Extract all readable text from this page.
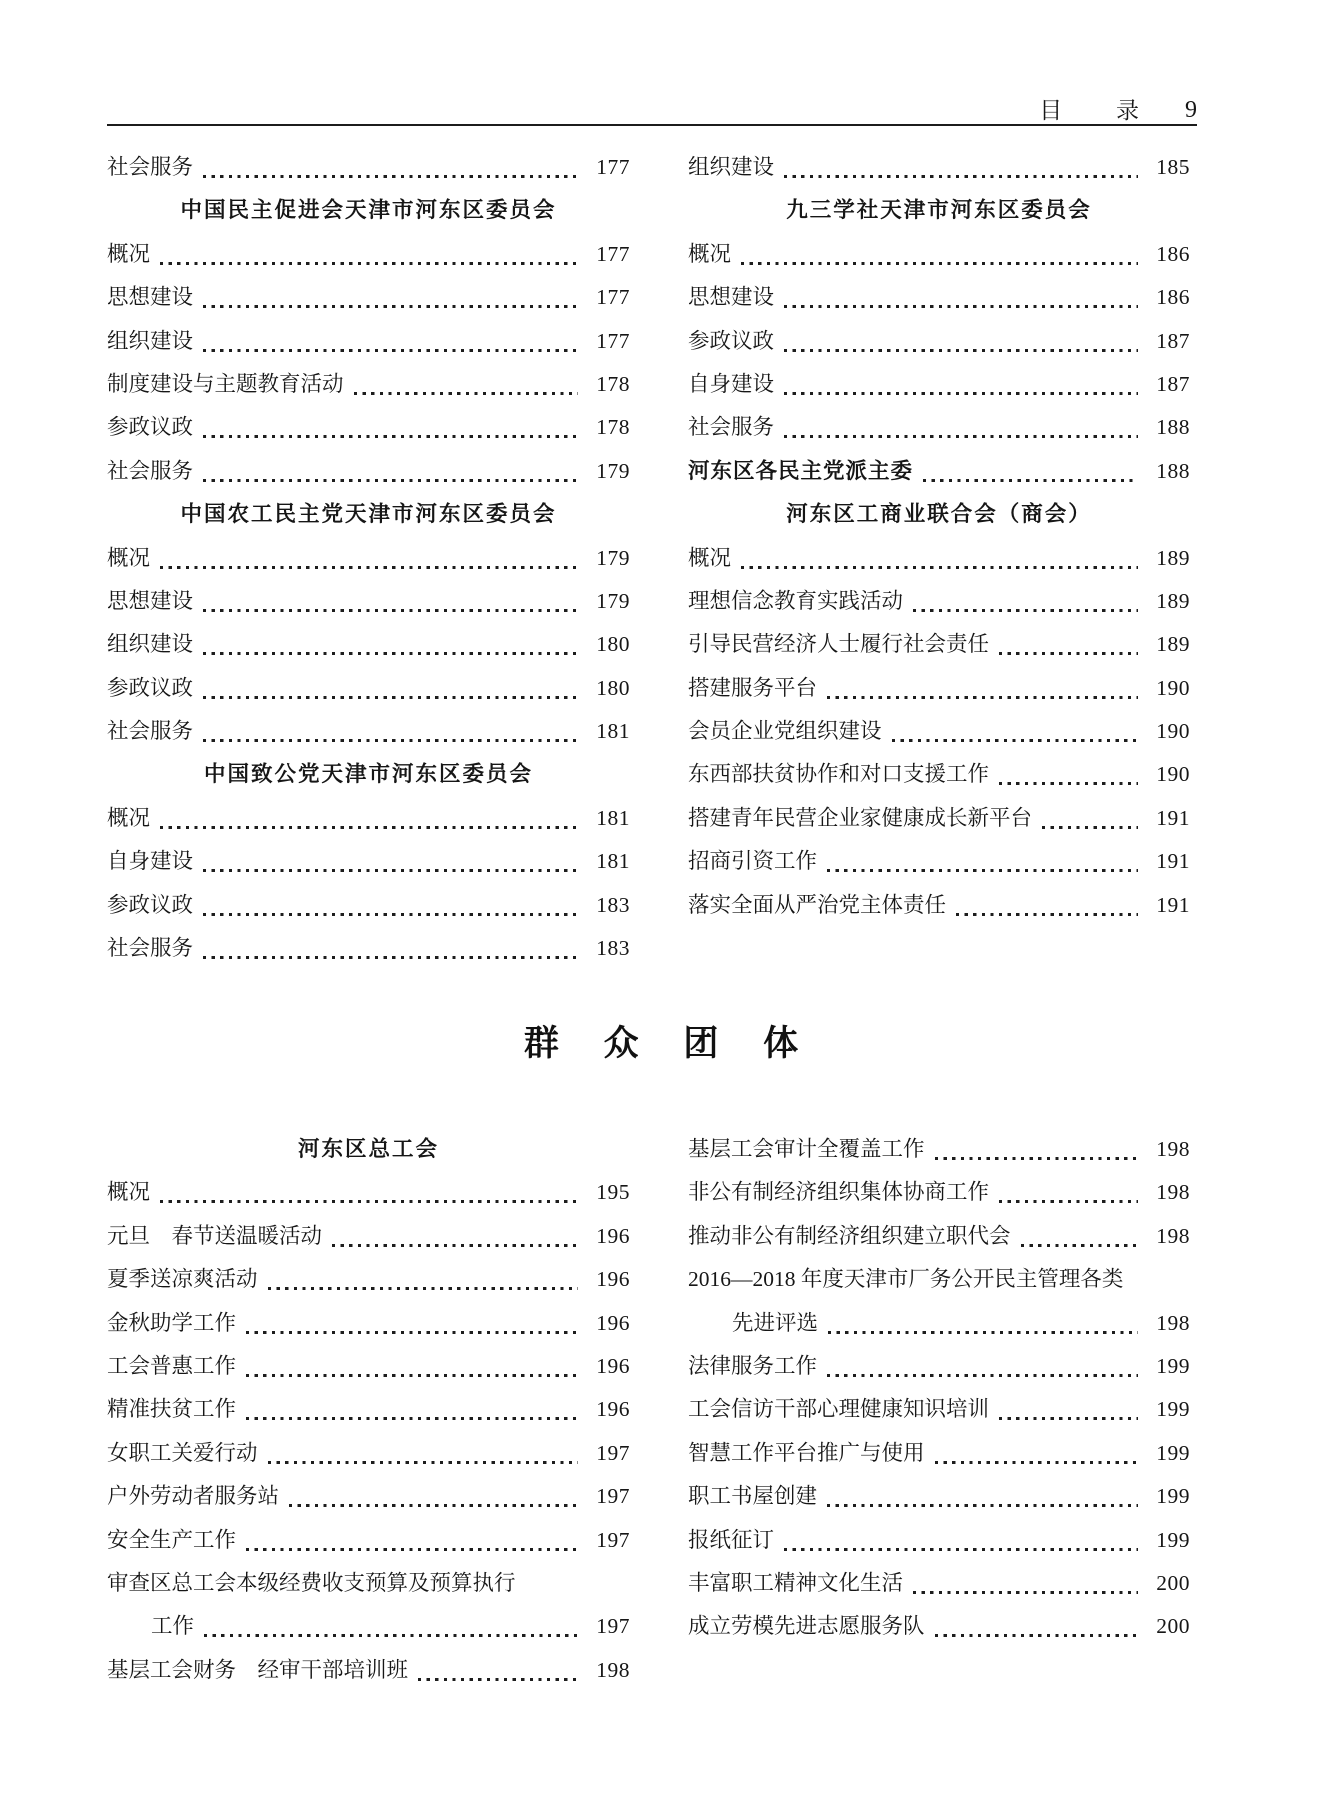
目 录 9
社会服务	177
中国民主促进会天津市河东区委员会
概况	177
思想建设	177
组织建设	177
制度建设与主题教育活动	178
参政议政	178
社会服务	179
中国农工民主党天津市河东区委员会
概况	179
思想建设	179
组织建设	180
参政议政	180
社会服务	181
中国致公党天津市河东区委员会
概况	181
自身建设	181
参政议政	183
社会服务	183
组织建设	185
九三学社天津市河东区委员会
概况	186
思想建设	186
参政议政	187
自身建设	187
社会服务	188
河东区各民主党派主委	188
河东区工商业联合会（商会）
概况	189
理想信念教育实践活动	189
引导民营经济人士履行社会责任	189
搭建服务平台	190
会员企业党组织建设	190
东西部扶贫协作和对口支援工作	190
搭建青年民营企业家健康成长新平台	191
招商引资工作	191
落实全面从严治党主体责任	191
群 众 团 体
河东区总工会
概况	195
元旦　春节送温暖活动	196
夏季送凉爽活动	196
金秋助学工作	196
工会普惠工作	196
精准扶贫工作	196
女职工关爱行动	197
户外劳动者服务站	197
安全生产工作	197
审查区总工会本级经费收支预算及预算执行
工作	197
基层工会财务　经审干部培训班	198
基层工会审计全覆盖工作	198
非公有制经济组织集体协商工作	198
推动非公有制经济组织建立职代会	198
2016—2018 年度天津市厂务公开民主管理各类
先进评选	198
法律服务工作	199
工会信访干部心理健康知识培训	199
智慧工作平台推广与使用	199
职工书屋创建	199
报纸征订	199
丰富职工精神文化生活	200
成立劳模先进志愿服务队	200
